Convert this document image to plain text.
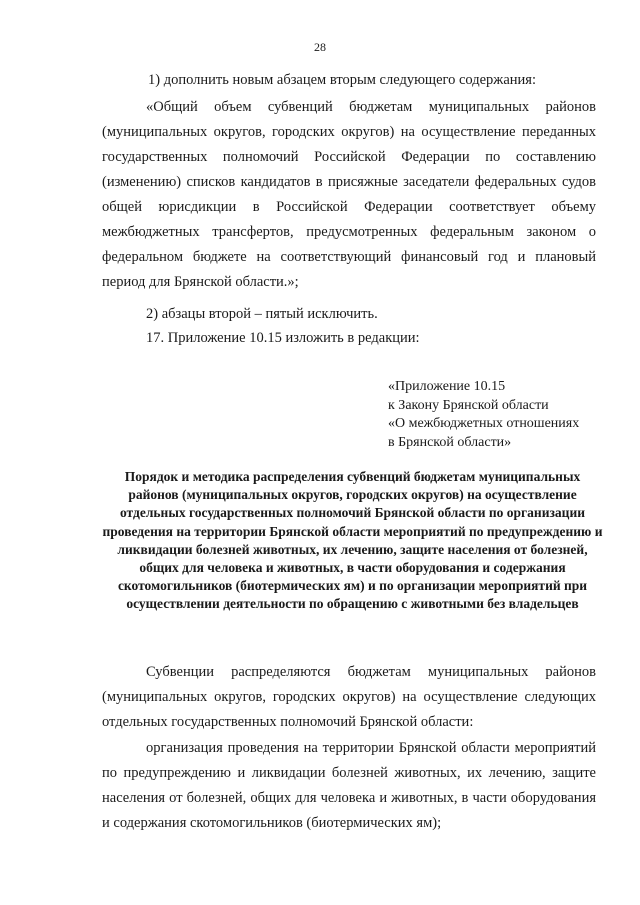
28

1) дополнить новым абзацем вторым следующего содержания:

«Общий объем субвенций бюджетам муниципальных районов (муниципальных округов, городских округов) на осуществление переданных государственных полномочий Российской Федерации по составлению (изменению) списков кандидатов в присяжные заседатели федеральных судов общей юрисдикции в Российской Федерации соответствует объему межбюджетных трансфертов, предусмотренных федеральным законом о федеральном бюджете на соответствующий финансовый год и плановый период для Брянской области.»;

2) абзацы второй – пятый исключить.

17. Приложение 10.15 изложить в редакции:

«Приложение 10.15
к Закону Брянской области
«О межбюджетных отношениях
в Брянской области»

Порядок и методика распределения субвенций бюджетам муниципальных районов (муниципальных округов, городских округов) на осуществление отдельных государственных полномочий Брянской области по организации проведения на территории Брянской области мероприятий по предупреждению и ликвидации болезней животных, их лечению, защите населения от болезней, общих для человека и животных, в части оборудования и содержания скотомогильников (биотермических ям) и по организации мероприятий при осуществлении деятельности по обращению с животными без владельцев

Субвенции распределяются бюджетам муниципальных районов (муниципальных округов, городских округов) на осуществление следующих отдельных государственных полномочий Брянской области:

организация проведения на территории Брянской области мероприятий по предупреждению и ликвидации болезней животных, их лечению, защите населения от болезней, общих для человека и животных, в части оборудования и содержания скотомогильников (биотермических ям);
